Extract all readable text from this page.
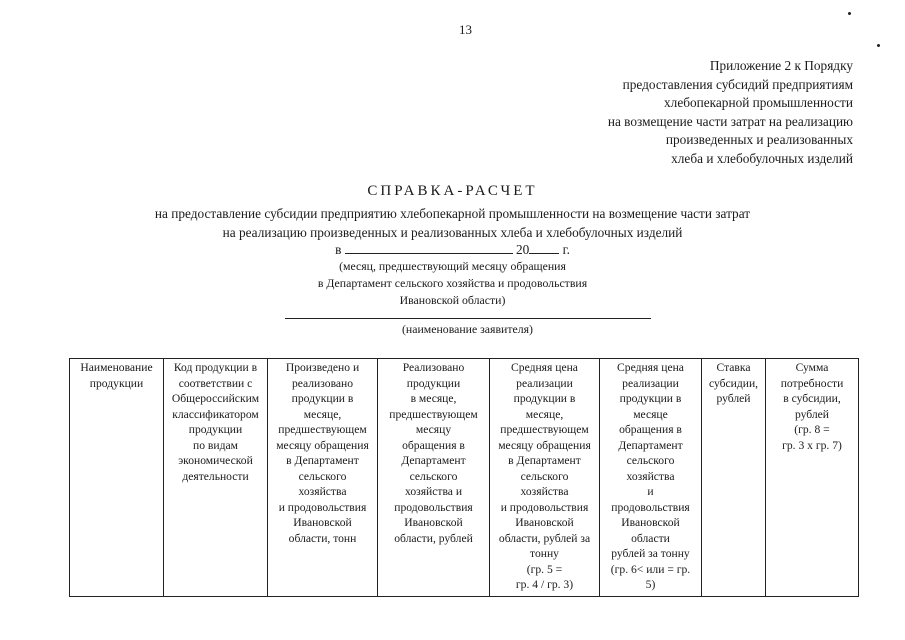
13
Приложение 2 к Порядку
предоставления субсидий предприятиям
хлебопекарной промышленности
на возмещение части затрат на реализацию
произведенных и реализованных
хлеба и хлебобулочных изделий
СПРАВКА-РАСЧЕТ
на предоставление субсидии предприятию хлебопекарной промышленности на возмещение части затрат
на реализацию произведенных и реализованных хлеба и хлебобулочных изделий
в	20	г.
(месяц, предшествующий месяцу обращения
в Департамент сельского хозяйства и продовольствия
Ивановской области)
(наименование заявителя)
Наименование
продукции	Код продукции в
соответствии с
Общероссийским
классификатором
продукции
по видам
экономической
деятельности	Произведено и
реализовано
продукции в
месяце,
предшествующем
месяцу обращения
в Департамент
сельского
хозяйства
и продовольствия
Ивановской
области, тонн	Реализовано
продукции
в месяце,
предшествующем
месяцу
обращения в
Департамент
сельского
хозяйства и
продовольствия
Ивановской
области, рублей	Средняя цена
реализации
продукции в
месяце,
предшествующем
месяцу обращения
в Департамент
сельского
хозяйства
и продовольствия
Ивановской
области, рублей за
тонну
(гр. 5 =
гр. 4 / гр. 3)	Средняя цена
реализации
продукции в
месяце
обращения в
Департамент
сельского
хозяйства
и
продовольствия
Ивановской
области
рублей за тонну
(гр. 6< или = гр.
5)	Ставка
субсидии,
рублей	Сумма
потребности
в субсидии,
рублей
(гр. 8 =
гр. 3 х гр. 7)
